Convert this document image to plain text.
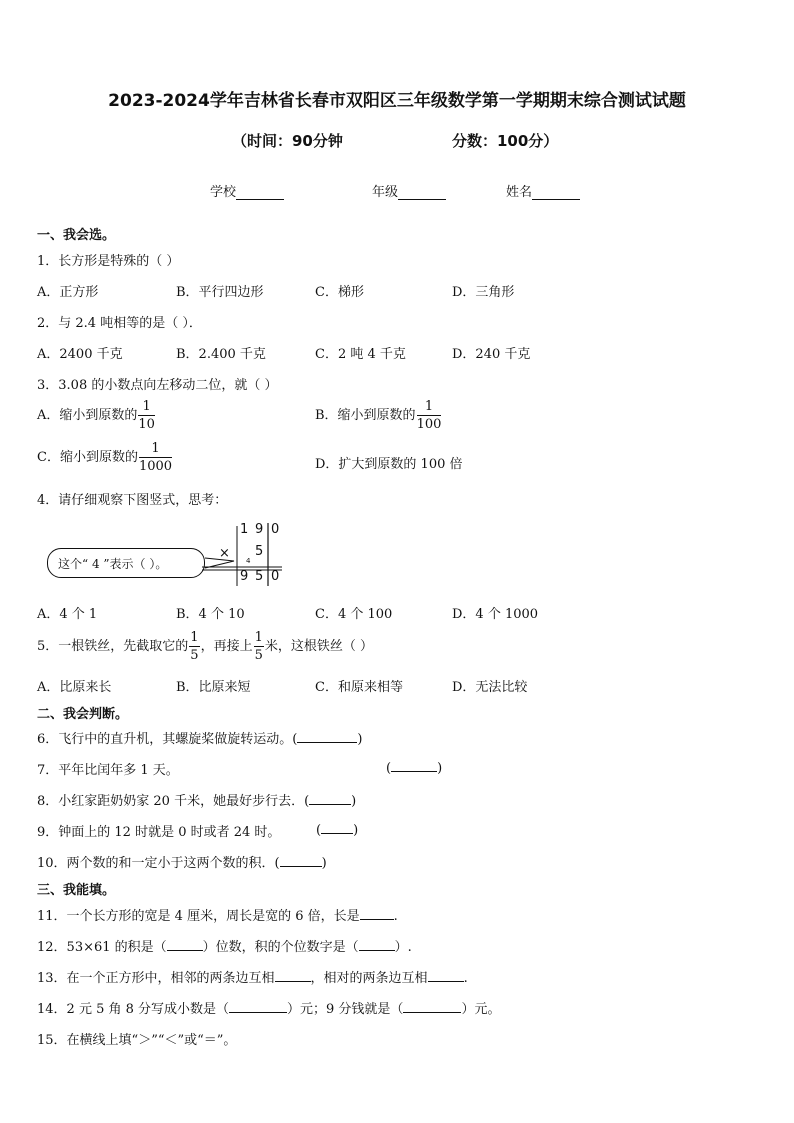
2023-2024学年吉林省长春市双阳区三年级数学第一学期期末综合测试试题
（时间：90分钟	分数：100分）
学校	年级	姓名
一、我会选。
1．长方形是特殊的（ ）
A．正方形	B．平行四边形	C．梯形	D．三角形
2．与 2.4 吨相等的是（ ）．
A．2400 千克	B．2.400 千克	C．2 吨 4 千克	D．240 千克
3．3.08 的小数点向左移动二位，就（ ）
A．缩小到原数的 $\frac{1}{10}$	B．缩小到原数的 $\frac{1}{100}$
C．缩小到原数的 $\frac{1}{1000}$	D．扩大到原数的 100 倍
4．请仔细观察下图竖式，思考：
这个“ 4 ”表示（ ）。
1 9 0
× 5
4
9 5 0
A．4 个 1	B．4 个 10	C．4 个 100	D．4 个 1000
5．一根铁丝，先截取它的 $\frac{1}{5}$ ，再接上 $\frac{1}{5}$ 米，这根铁丝（ ）
A．比原来长	B．比原来短	C．和原来相等	D．无法比较
二、我会判断。
6．飞行中的直升机，其螺旋桨做旋转运动。(	)
7．平年比闰年多 1 天。	(	)
8．小红家距奶奶家 20 千米，她最好步行去．(	)
9．钟面上的 12 时就是 0 时或者 24 时。	( )
10．两个数的和一定小于这两个数的积．(	)
三、我能填。
11．一个长方形的宽是 4 厘米，周长是宽的 6 倍，长是	.
12．53×61 的积是（	）位数，积的个位数字是（	）.
13．在一个正方形中，相邻的两条边互相	，相对的两条边互相	.
14．2 元 5 角 8 分写成小数是（	）元；9 分钱就是（	）元。
15．在横线上填“＞”“＜”或“＝”。
